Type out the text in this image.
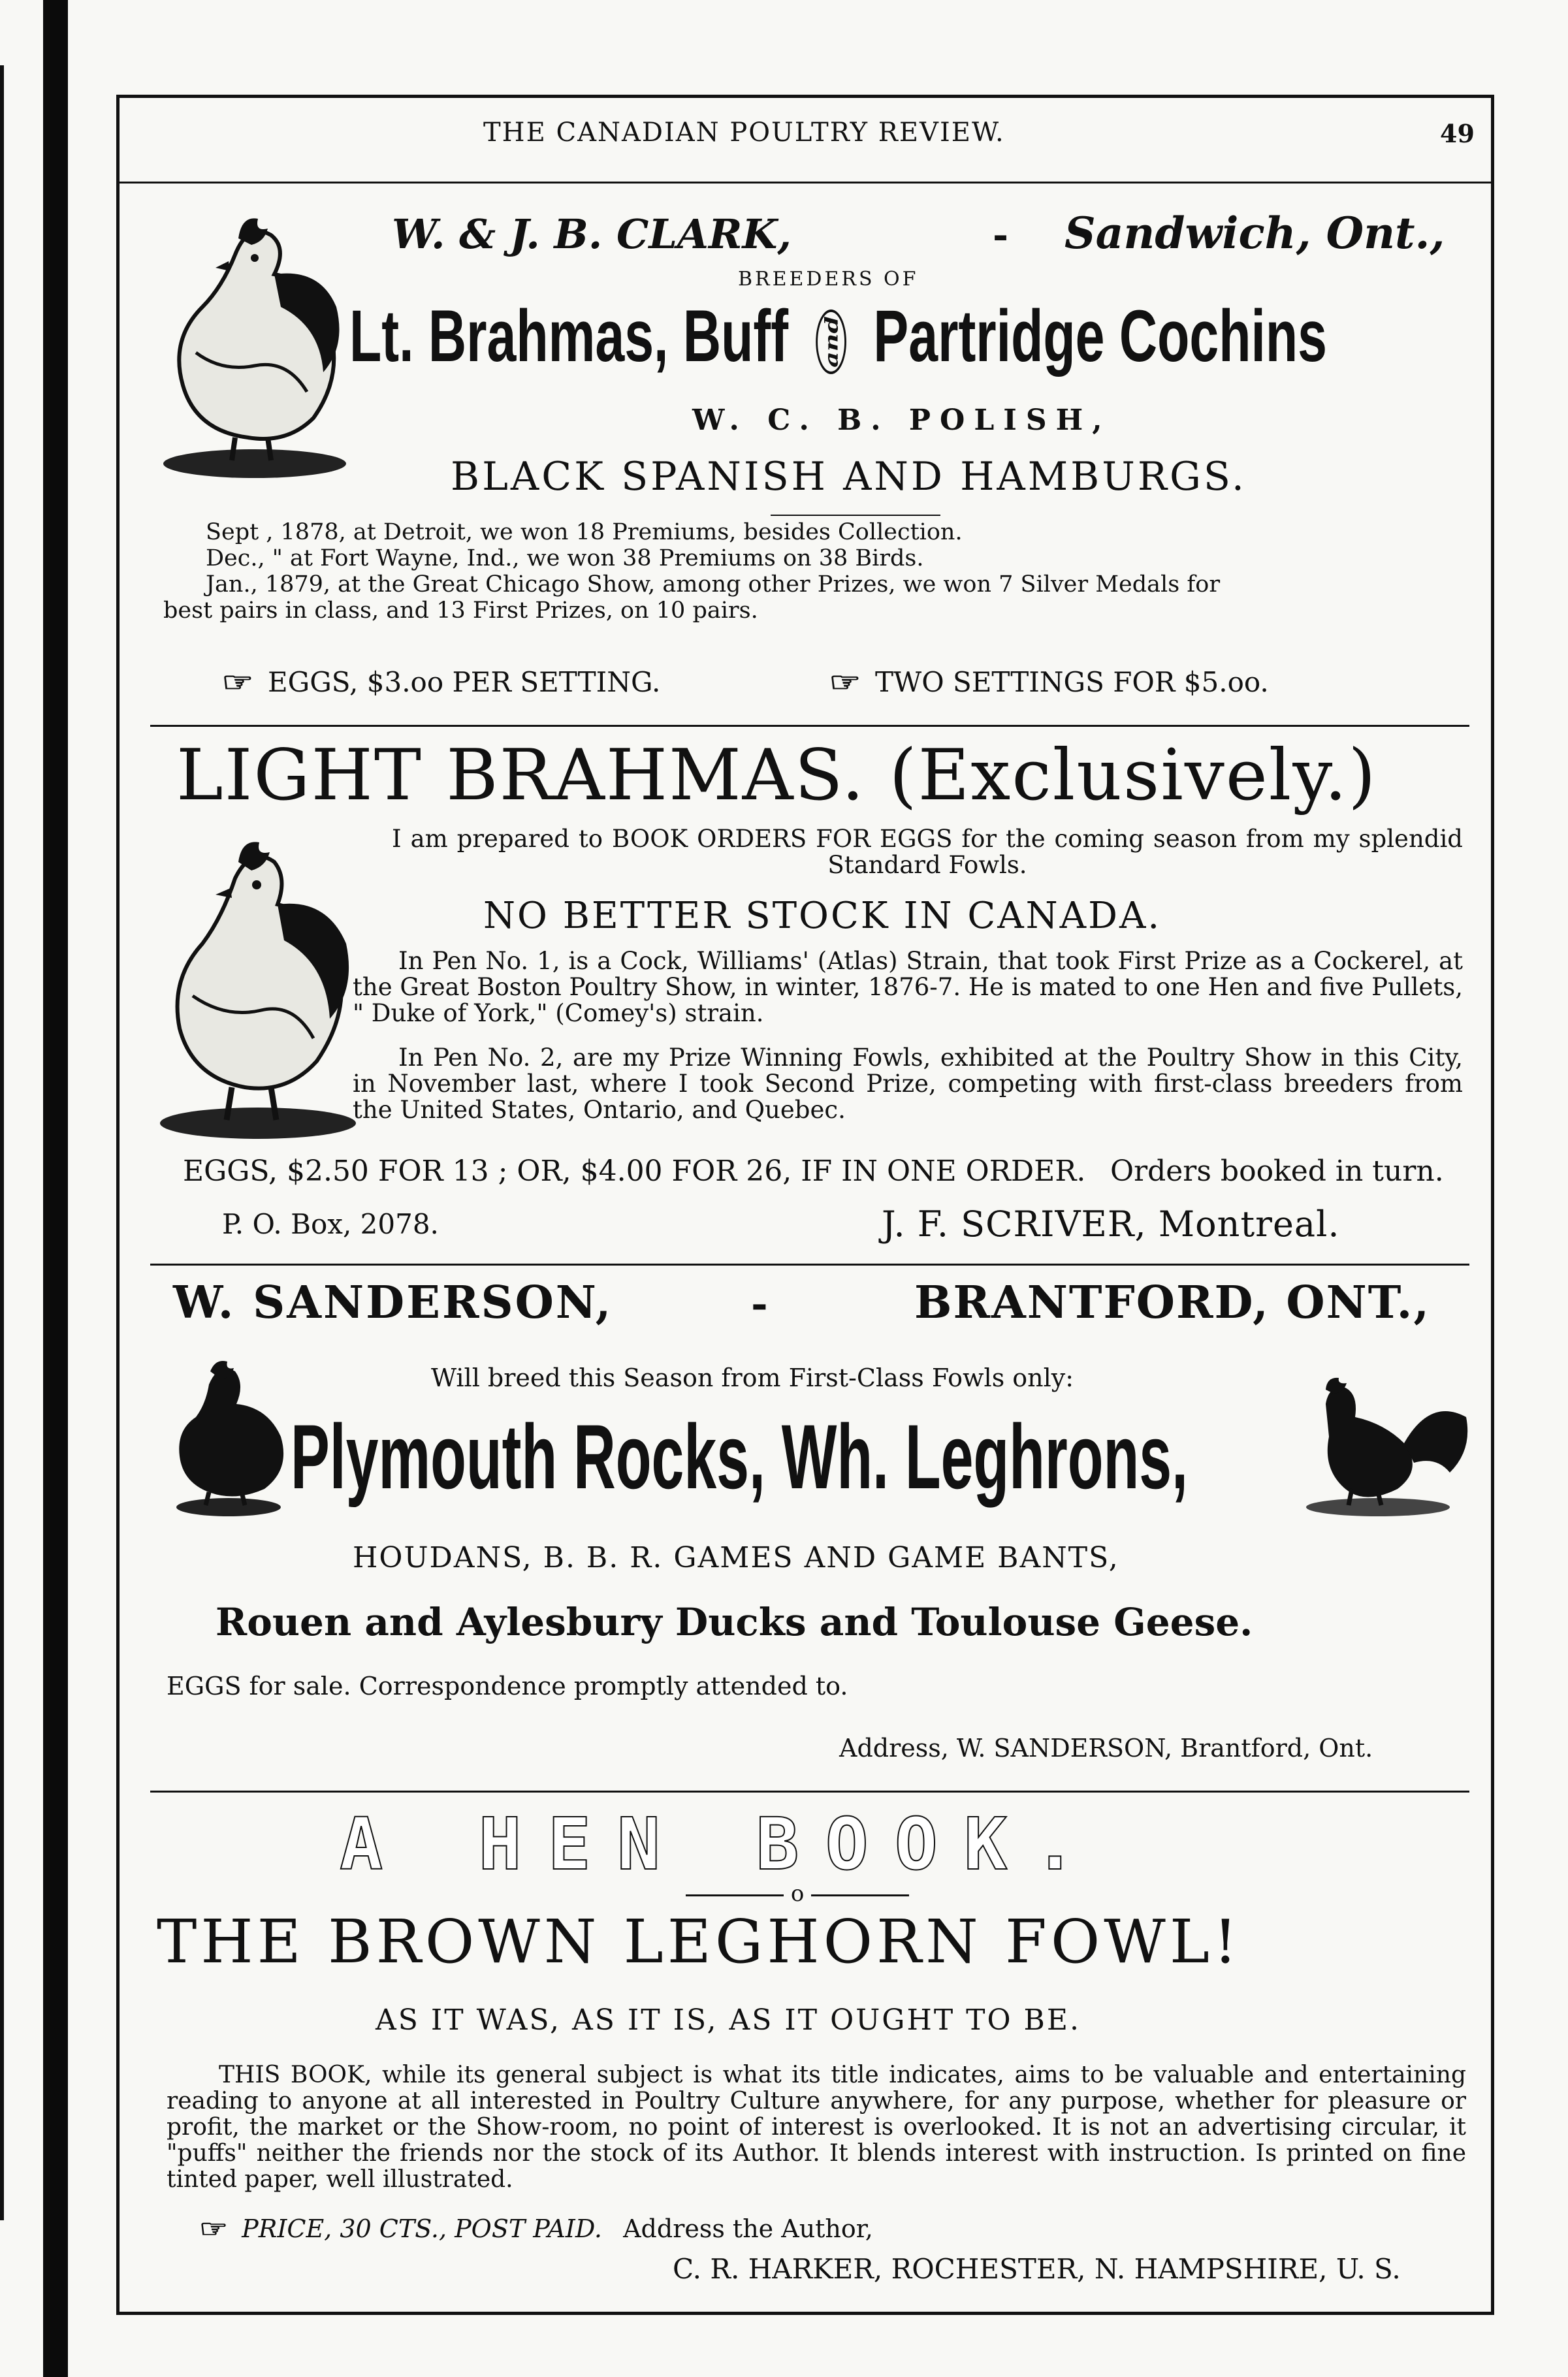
THE CANADIAN POULTRY REVIEW.	49
W. & J. B. CLARK,	- Sandwich, Ont.,
BREEDERS OF
Lt. Brahmas, Buff and Partridge Cochins
W. C. B. POLISH,
BLACK SPANISH AND HAMBURGS.
Sept , 1878, at Detroit, we won 18 Premiums, besides Collection.
Dec., " at Fort Wayne, Ind., we won 38 Premiums on 38 Birds.
Jan., 1879, at the Great Chicago Show, among other Prizes, we won 7 Silver Medals for
best pairs in class, and 13 First Prizes, on 10 pairs.
☞ EGGS, $3.oo PER SETTING.	☞ TWO SETTINGS FOR $5.oo.
LIGHT BRAHMAS. (Exclusively.)
I am prepared to BOOK ORDERS FOR EGGS for the coming season from my splendid Standard Fowls.
NO BETTER STOCK IN CANADA.
In Pen No. 1, is a Cock, Williams' (Atlas) Strain, that took First Prize as a Cockerel, at the Great Boston Poultry Show, in winter, 1876-7. He is mated to one Hen and five Pullets, " Duke of York," (Comey's) strain.
In Pen No. 2, are my Prize Winning Fowls, exhibited at the Poultry Show in this City, in November last, where I took Second Prize, competing with first-class breeders from the United States, Ontario, and Quebec.
EGGS, $2.50 FOR 13 ; OR, $4.00 FOR 26, IF IN ONE ORDER. Orders booked in turn.
P. O. Box, 2078.	J. F. SCRIVER, Montreal.
W. SANDERSON,	-	BRANTFORD, ONT.,
Will breed this Season from First-Class Fowls only:
Plymouth Rocks, Wh. Leghrons,
HOUDANS, B. B. R. GAMES AND GAME BANTS,
Rouen and Aylesbury Ducks and Toulouse Geese.
EGGS for sale. Correspondence promptly attended to.
Address, W. SANDERSON, Brantford, Ont.
A HEN BOOK.
o
THE BROWN LEGHORN FOWL!
AS IT WAS, AS IT IS, AS IT OUGHT TO BE.
THIS BOOK, while its general subject is what its title indicates, aims to be valuable and entertaining reading to anyone at all interested in Poultry Culture anywhere, for any purpose, whether for pleasure or profit, the market or the Show-room, no point of interest is overlooked. It is not an advertising circular, it "puffs" neither the friends nor the stock of its Author. It blends interest with instruction. Is printed on fine tinted paper, well illustrated.
☞ PRICE, 30 CTS., POST PAID. Address the Author,
C. R. HARKER, ROCHESTER, N. HAMPSHIRE, U. S.
